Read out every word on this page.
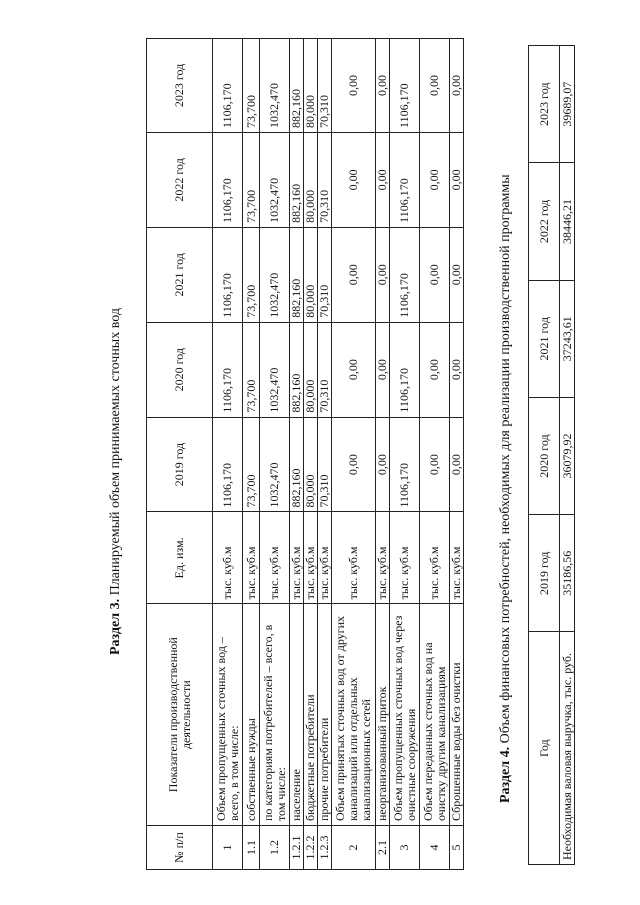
Раздел 3. Планируемый объем принимаемых сточных вод
№ п/п	Показатели производственной деятельности	Ед. изм.	2019 год	2020 год	2021 год	2022 год	2023 год
1	Объем пропущенных сточных вод – всего, в том числе:	тыс. куб.м	1106,170	1106,170	1106,170	1106,170	1106,170
1.1	собственные нужды	тыс. куб.м	73,700	73,700	73,700	73,700	73,700
1.2	по категориям потребителей – всего, в том числе:	тыс. куб.м	1032,470	1032,470	1032,470	1032,470	1032,470
1.2.1	население	тыс. куб.м	882,160	882,160	882,160	882,160	882,160
1.2.2	бюджетные потребители	тыс. куб.м	80,000	80,000	80,000	80,000	80,000
1.2.3	прочие потребители	тыс. куб.м	70,310	70,310	70,310	70,310	70,310
2	Объем принятых сточных вод от других канализаций или отдельных канализационных сетей	тыс. куб.м	0,00	0,00	0,00	0,00	0,00
2.1	неорганизованный приток	тыс. куб.м	0,00	0,00	0,00	0,00	0,00
3	Объем пропущенных сточных вод через очистные сооружения	тыс. куб.м	1106,170	1106,170	1106,170	1106,170	1106,170
4	Объем переданных сточных вод на очистку другим канализациям	тыс. куб.м	0,00	0,00	0,00	0,00	0,00
5	Сброшенные воды без очистки	тыс. куб.м	0,00	0,00	0,00	0,00	0,00
Раздел 4. Объем финансовых потребностей, необходимых для реализации производственной программы
Год	2019 год	2020 год	2021 год	2022 год	2023 год
Необходимая валовая выручка, тыс. руб.	35186,56	36079,92	37243,61	38446,21	39689,07
